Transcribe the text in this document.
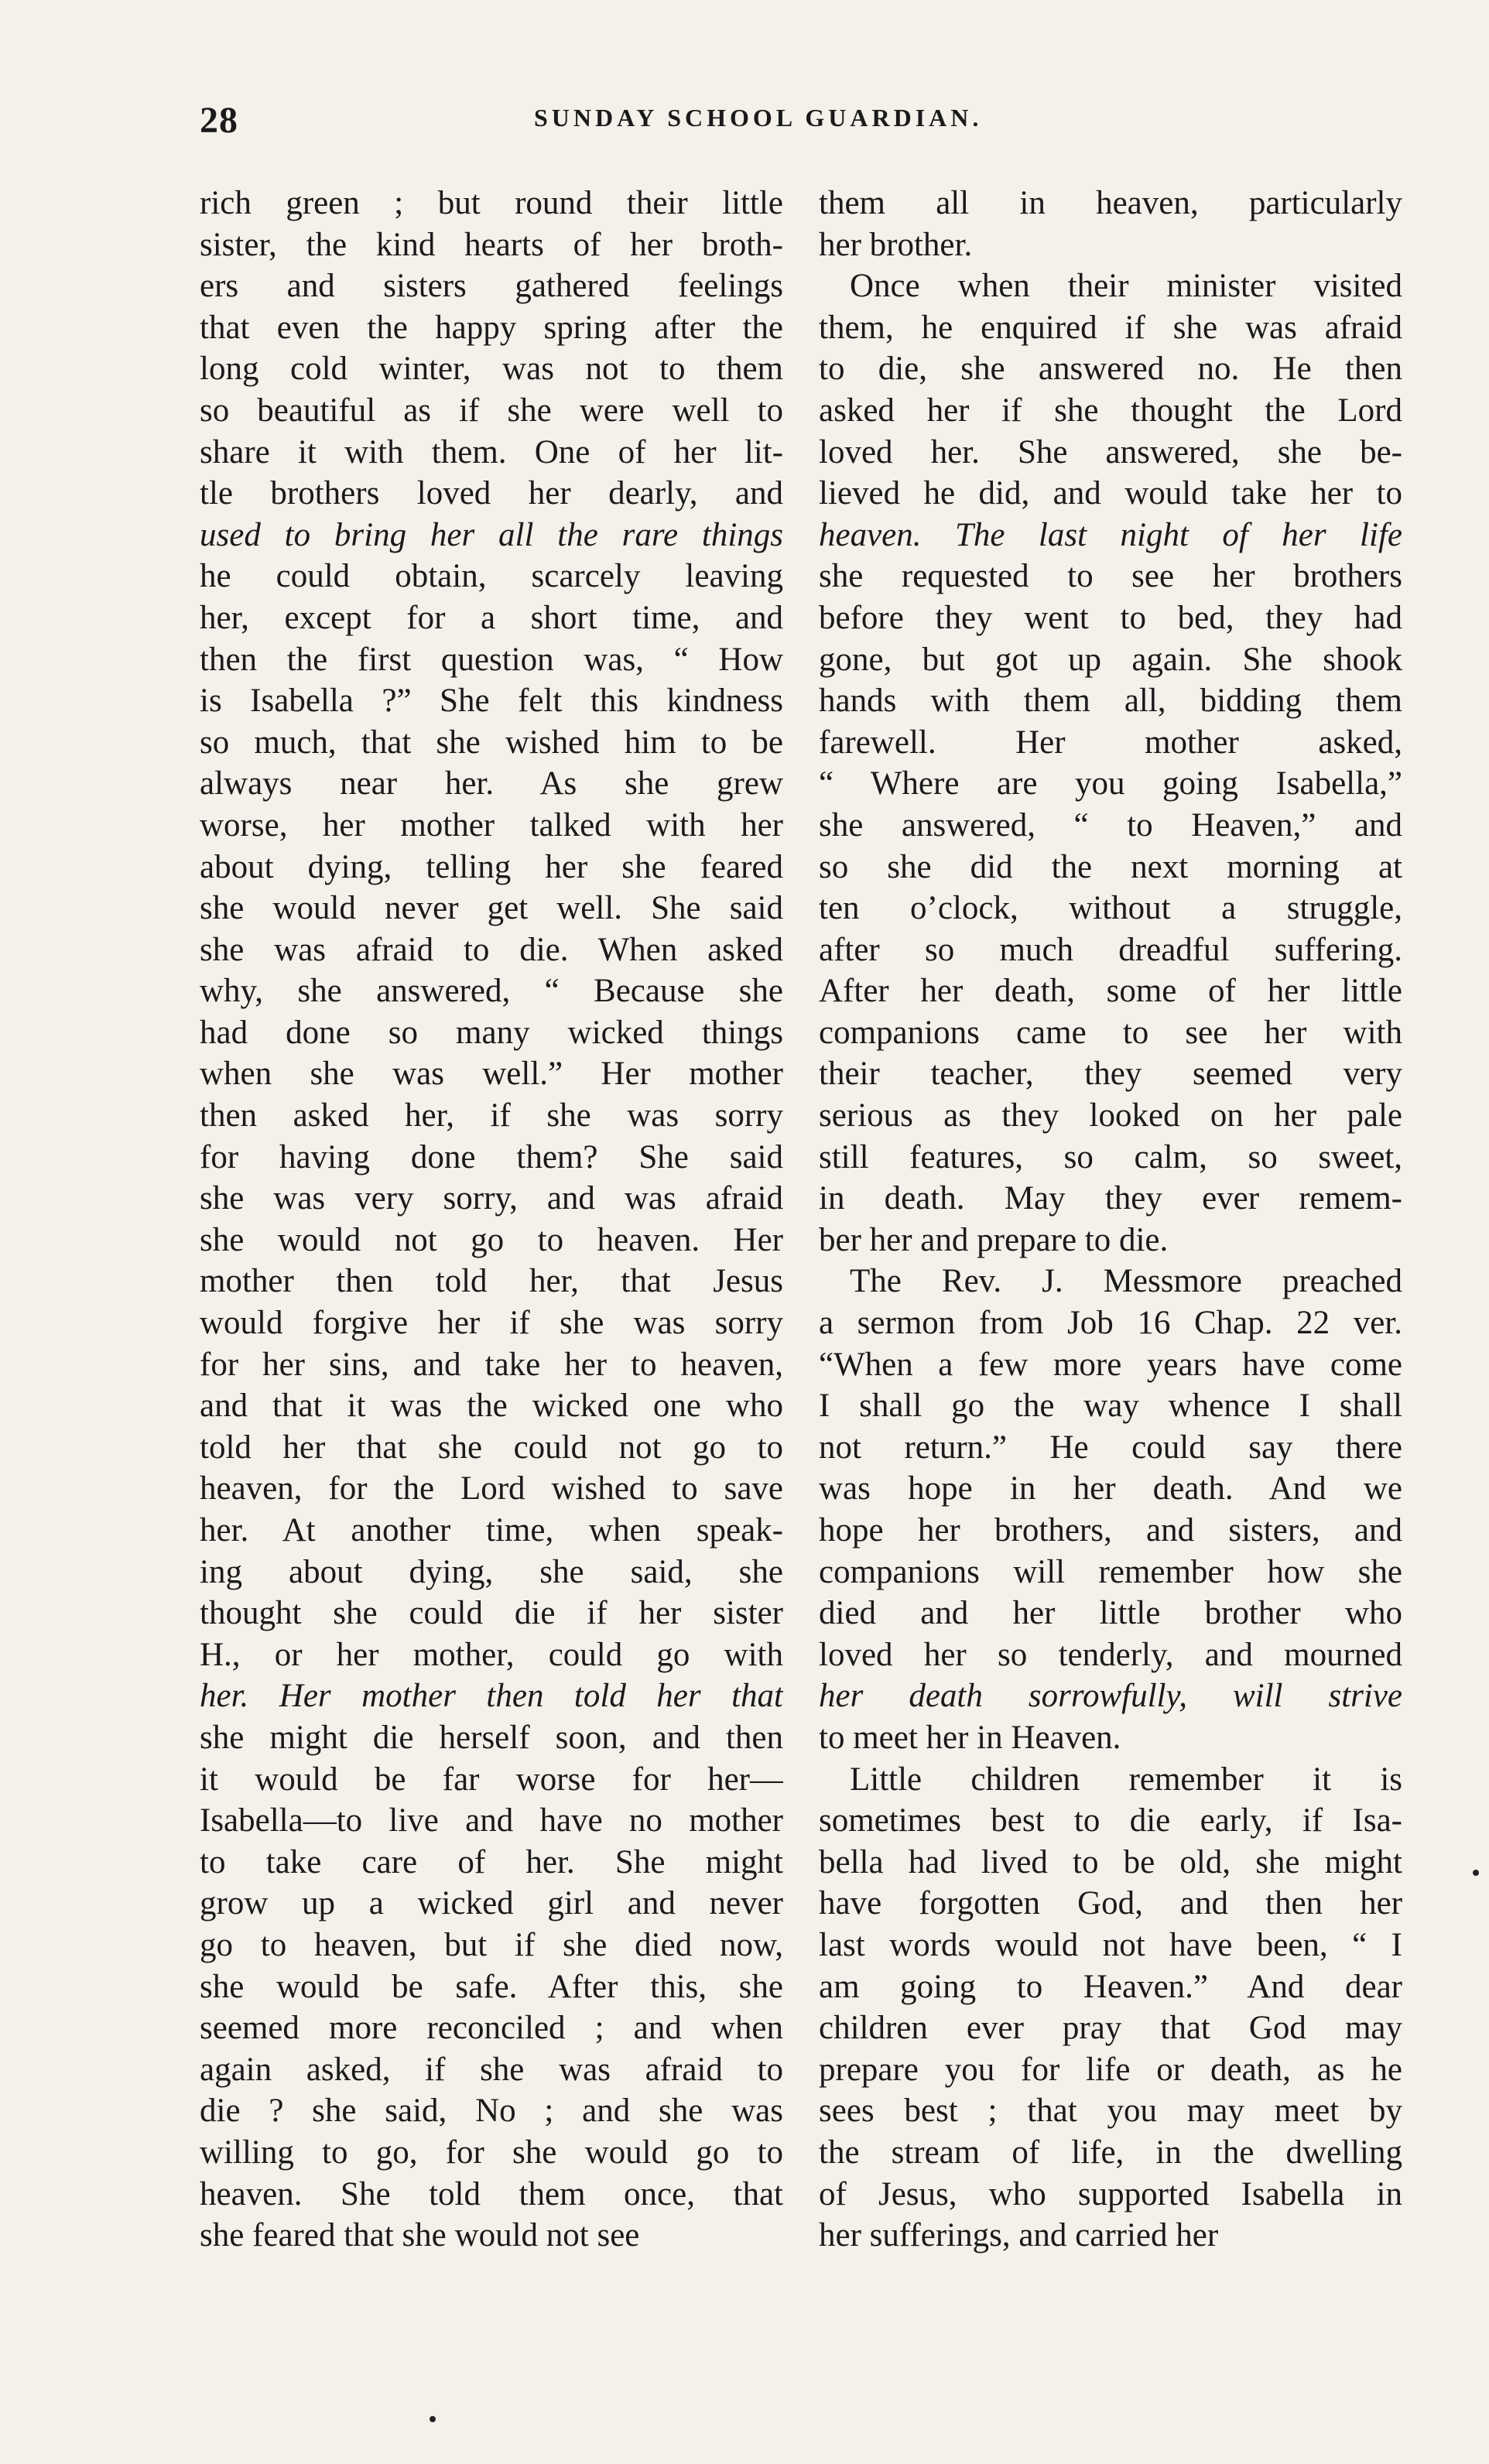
28	SUNDAY SCHOOL GUARDIAN.
rich green ; but round their little
sister, the kind hearts of her broth-
ers and sisters gathered feelings
that even the happy spring after the
long cold winter, was not to them
so beautiful as if she were well to
share it with them. One of her lit-
tle brothers loved her dearly, and
used to bring her all the rare things
he could obtain, scarcely leaving
her, except for a short time, and
then the first question was, “ How
is Isabella ?” She felt this kindness
so much, that she wished him to be
always near her. As she grew
worse, her mother talked with her
about dying, telling her she feared
she would never get well. She said
she was afraid to die. When asked
why, she answered, “ Because she
had done so many wicked things
when she was well.” Her mother
then asked her, if she was sorry
for having done them? She said
she was very sorry, and was afraid
she would not go to heaven. Her
mother then told her, that Jesus
would forgive her if she was sorry
for her sins, and take her to heaven,
and that it was the wicked one who
told her that she could not go to
heaven, for the Lord wished to save
her. At another time, when speak-
ing about dying, she said, she
thought she could die if her sister
H., or her mother, could go with
her. Her mother then told her that
she might die herself soon, and then
it would be far worse for her—
Isabella—to live and have no mother
to take care of her. She might
grow up a wicked girl and never
go to heaven, but if she died now,
she would be safe. After this, she
seemed more reconciled ; and when
again asked, if she was afraid to
die ? she said, No ; and she was
willing to go, for she would go to
heaven. She told them once, that
she feared that she would not see
them all in heaven, particularly
her brother.
Once when their minister visited
them, he enquired if she was afraid
to die, she answered no. He then
asked her if she thought the Lord
loved her. She answered, she be-
lieved he did, and would take her to
heaven. The last night of her life
she requested to see her brothers
before they went to bed, they had
gone, but got up again. She shook
hands with them all, bidding them
farewell. Her mother asked,
“ Where are you going Isabella,”
she answered, “ to Heaven,” and
so she did the next morning at
ten o’clock, without a struggle,
after so much dreadful suffering.
After her death, some of her little
companions came to see her with
their teacher, they seemed very
serious as they looked on her pale
still features, so calm, so sweet,
in death. May they ever remem-
ber her and prepare to die.
The Rev. J. Messmore preached
a sermon from Job 16 Chap. 22 ver.
“When a few more years have come
I shall go the way whence I shall
not return.” He could say there
was hope in her death. And we
hope her brothers, and sisters, and
companions will remember how she
died and her little brother who
loved her so tenderly, and mourned
her death sorrowfully, will strive
to meet her in Heaven.
Little children remember it is
sometimes best to die early, if Isa-
bella had lived to be old, she might
have forgotten God, and then her
last words would not have been, “ I
am going to Heaven.” And dear
children ever pray that God may
prepare you for life or death, as he
sees best ; that you may meet by
the stream of life, in the dwelling
of Jesus, who supported Isabella in
her sufferings, and carried her
